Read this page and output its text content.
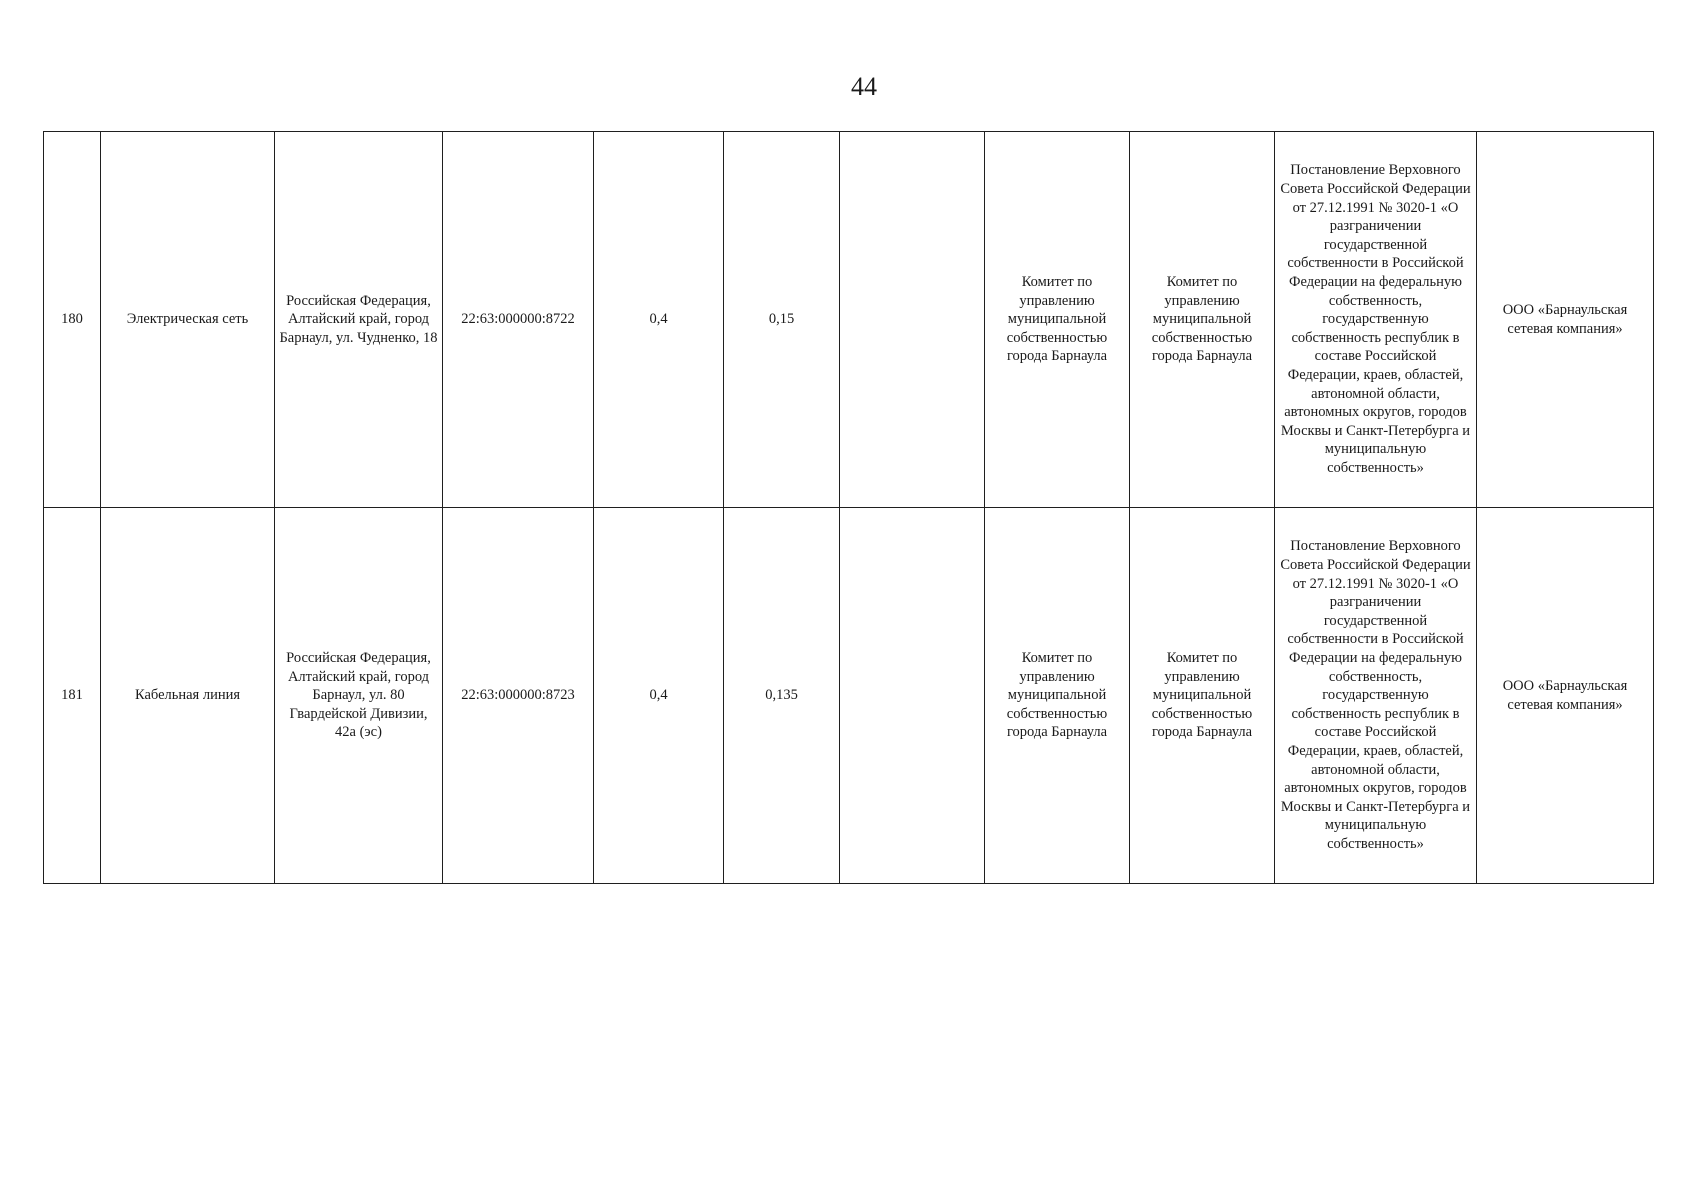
44
180	Электрическая сеть	Российская Федерация, Алтайский край, город Барнаул, ул. Чудненко, 18	22:63:000000:8722	0,4	0,15		Комитет по управлению муниципальной собственностью города Барнаула	Комитет по управлению муниципальной собственностью города Барнаула	Постановление Верховного Совета Российской Федерации от 27.12.1991 № 3020-1 «О разграничении государственной собственности в Российской Федерации на федеральную собственность, государственную собственность республик в составе Российской Федерации, краев, областей, автономной области, автономных округов, городов Москвы и Санкт-Петербурга и муниципальную собственность»	ООО «Барнаульская сетевая компания»
181	Кабельная линия	Российская Федерация, Алтайский край, город Барнаул, ул. 80 Гвардейской Дивизии, 42а (эс)	22:63:000000:8723	0,4	0,135		Комитет по управлению муниципальной собственностью города Барнаула	Комитет по управлению муниципальной собственностью города Барнаула	Постановление Верховного Совета Российской Федерации от 27.12.1991 № 3020-1 «О разграничении государственной собственности в Российской Федерации на федеральную собственность, государственную собственность республик в составе Российской Федерации, краев, областей, автономной области, автономных округов, городов Москвы и Санкт-Петербурга и муниципальную собственность»	ООО «Барнаульская сетевая компания»
